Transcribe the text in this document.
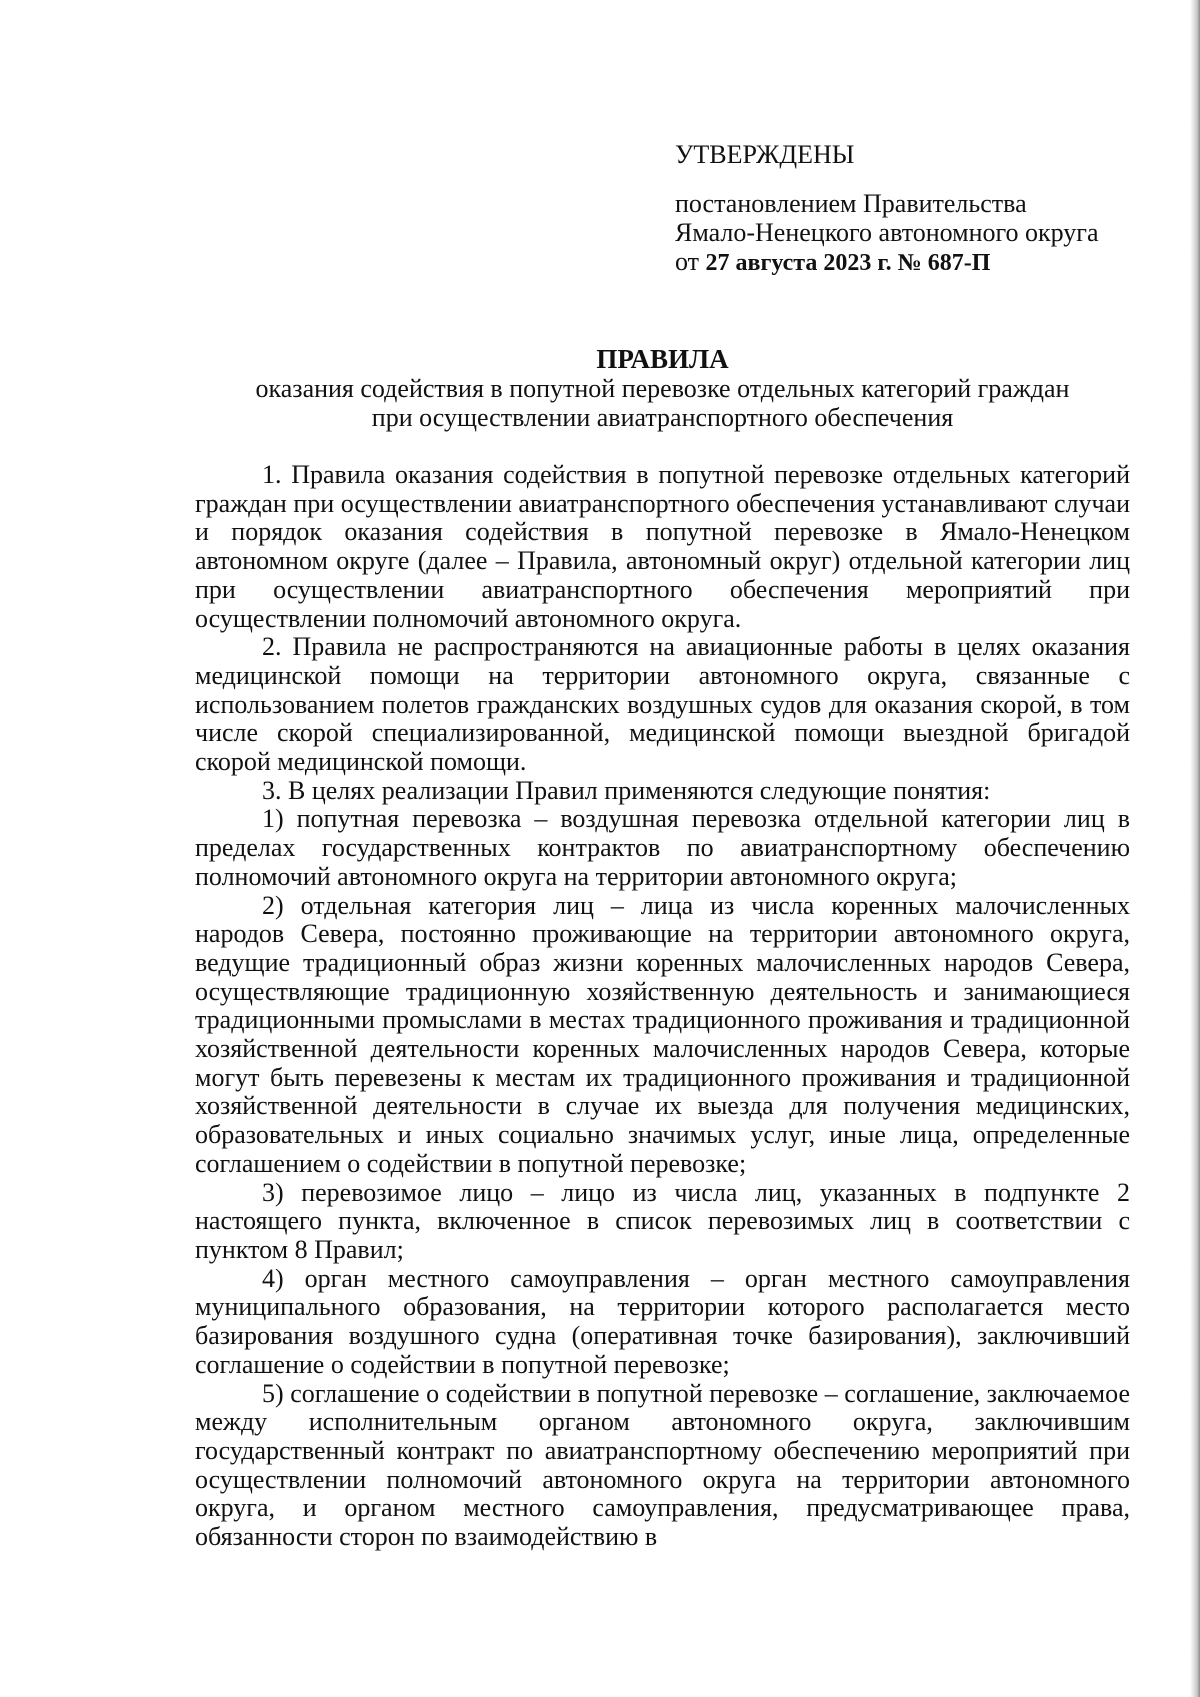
УТВЕРЖДЕНЫ
постановлением Правительства
Ямало-Ненецкого автономного округа
от 27 августа 2023 г. № 687-П
ПРАВИЛА
оказания содействия в попутной перевозке отдельных категорий граждан
при осуществлении авиатранспортного обеспечения

1. Правила оказания содействия в попутной перевозке отдельных категорий граждан при осуществлении авиатранспортного обеспечения устанавливают случаи и порядок оказания содействия в попутной перевозке в Ямало-Ненецком автономном округе (далее – Правила, автономный округ) отдельной категории лиц при осуществлении авиатранспортного обеспечения мероприятий при осуществлении полномочий автономного округа.

2. Правила не распространяются на авиационные работы в целях оказания медицинской помощи на территории автономного округа, связанные с использованием полетов гражданских воздушных судов для оказания скорой, в том числе скорой специализированной, медицинской помощи выездной бригадой скорой медицинской помощи.

3. В целях реализации Правил применяются следующие понятия:

1) попутная перевозка – воздушная перевозка отдельной категории лиц в пределах государственных контрактов по авиатранспортному обеспечению полномочий автономного округа на территории автономного округа;

2) отдельная категория лиц – лица из числа коренных малочисленных народов Севера, постоянно проживающие на территории автономного округа, ведущие традиционный образ жизни коренных малочисленных народов Севера, осуществляющие традиционную хозяйственную деятельность и занимающиеся традиционными промыслами в местах традиционного проживания и традиционной хозяйственной деятельности коренных малочисленных народов Севера, которые могут быть перевезены к местам их традиционного проживания и традиционной хозяйственной деятельности в случае их выезда для получения медицинских, образовательных и иных социально значимых услуг, иные лица, определенные соглашением о содействии в попутной перевозке;

3) перевозимое лицо – лицо из числа лиц, указанных в подпункте 2 настоящего пункта, включенное в список перевозимых лиц в соответствии с пунктом 8 Правил;

4) орган местного самоуправления – орган местного самоуправления муниципального образования, на территории которого располагается место базирования воздушного судна (оперативная точке базирования), заключивший соглашение о содействии в попутной перевозке;

5) соглашение о содействии в попутной перевозке – соглашение, заключаемое между исполнительным органом автономного округа, заключившим государственный контракт по авиатранспортному обеспечению мероприятий при осуществлении полномочий автономного округа на территории автономного округа, и органом местного самоуправления, предусматривающее права, обязанности сторон по взаимодействию в
